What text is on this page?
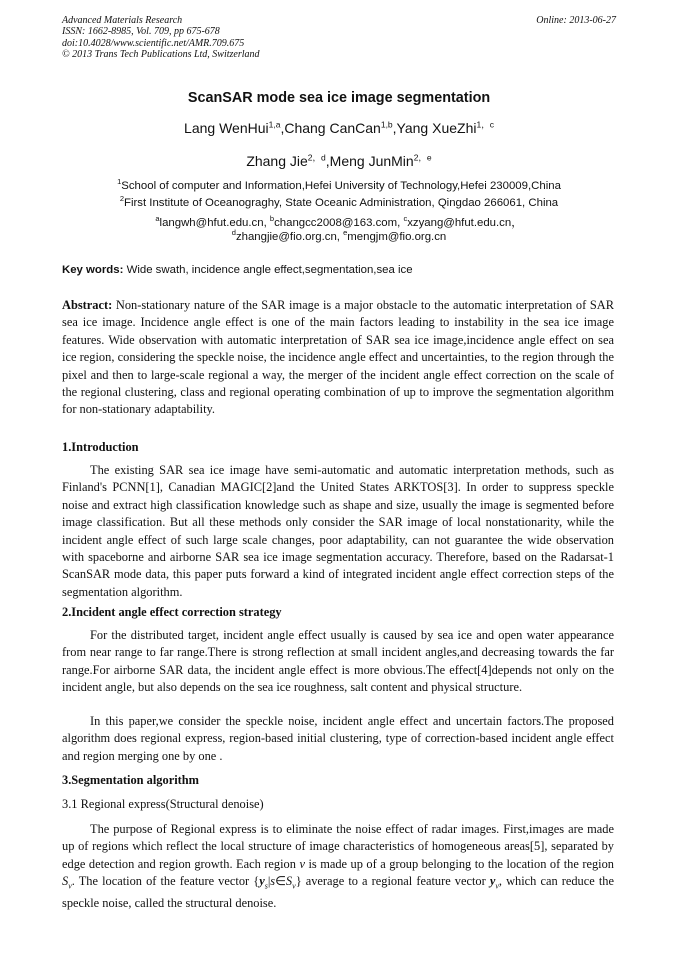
Advanced Materials Research
ISSN: 1662-8985, Vol. 709, pp 675-678
doi:10.4028/www.scientific.net/AMR.709.675
© 2013 Trans Tech Publications Ltd, Switzerland
Online: 2013-06-27
ScanSAR mode sea ice image segmentation
Lang WenHui$^{1,a}$,Chang CanCan$^{1,b}$,Yang XueZhi$^{1,c}$
Zhang Jie$^{2,d}$,Meng JunMin$^{2,e}$
$^1$School of computer and Information,Hefei University of Technology,Hefei 230009,China
$^2$First Institute of Oceanograghy, State Oceanic Administration, Qingdao 266061, China
$^a$langwh@hfut.edu.cn, $^b$changcc2008@163.com, $^c$xzyang@hfut.edu.cn，
$^d$zhangjie@fio.org.cn, $^e$mengjm@fio.org.cn
Key words: Wide swath, incidence angle effect,segmentation,sea ice
Abstract: Non-stationary nature of the SAR image is a major obstacle to the automatic interpretation of SAR sea ice image. Incidence angle effect is one of the main factors leading to instability in the sea ice image features. Wide observation with automatic interpretation of SAR sea ice image,incidence angle effect on sea ice region, considering the speckle noise, the incidence angle effect and uncertainties, to the region through the pixel and then to large-scale regional a way, the merger of the incident angle effect correction on the scale of the regional clustering, class and regional operating combination of up to improve the segmentation algorithm for non-stationary adaptability.
1.Introduction
The existing SAR sea ice image have semi-automatic and automatic interpretation methods, such as Finland's PCNN[1], Canadian MAGIC[2]and the United States ARKTOS[3]. In order to suppress speckle noise and extract high classification knowledge such as shape and size, usually the image is segmented before image classification. But all these methods only consider the SAR image of local nonstationarity, while the incident angle effect of such large scale changes, poor adaptability, can not guarantee the wide observation with spaceborne and airborne SAR sea ice image segmentation accuracy. Therefore, based on the Radarsat-1 ScanSAR mode data, this paper puts forward a kind of integrated incident angle effect correction steps of the segmentation algorithm.
2.Incident angle effect correction strategy
For the distributed target, incident angle effect usually is caused by sea ice and open water appearance from near range to far range.There is strong reflection at small incident angles,and decreasing towards the far range.For airborne SAR data, the incident angle effect is more obvious.The effect[4]depends not only on the incident angle, but also depends on the sea ice roughness, salt content and physical structure.
In this paper,we consider the speckle noise, incident angle effect and uncertain factors.The proposed algorithm does regional express, region-based initial clustering, type of correction-based incident angle effect and region merging one by one .
3.Segmentation algorithm
3.1 Regional express(Structural denoise)
The purpose of Regional express is to eliminate the noise effect of radar images. First,images are made up of regions which reflect the local structure of image characteristics of homogeneous areas[5], separated by edge detection and region growth. Each region v is made up of a group belonging to the location of the region $S_v$. The location of the feature vector $\{y_s|s\in S_v\}$ average to a regional feature vector $y_v$, which can reduce the speckle noise, called the structural denoise.
